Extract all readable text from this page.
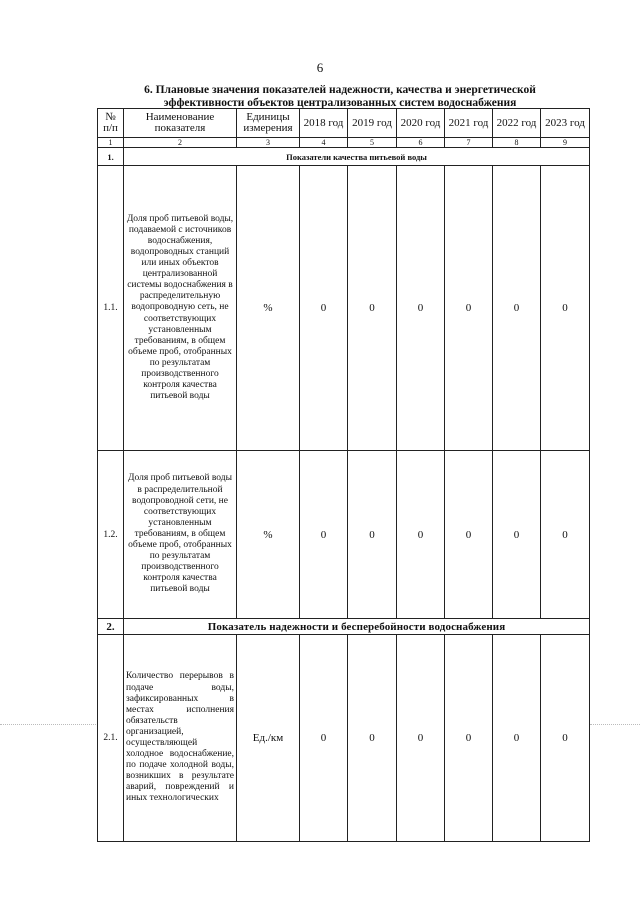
6
6. Плановые значения показателей надежности, качества и энергетической эффективности объектов централизованных систем водоснабжения
№ п/п	Наименование показателя	Единицы измерения	2018 год	2019 год	2020 год	2021 год	2022 год	2023 год
1	2	3	4	5	6	7	8	9
1.	Показатели качества питьевой воды							
1.1.	Доля проб питьевой воды, подаваемой с источников водоснабжения, водопроводных станций или иных объектов централизованной системы водоснабжения в распределительную водопроводную сеть, не соответствующих установленным требованиям, в общем объеме проб, отобранных по результатам производственного контроля качества питьевой воды	%	0	0	0	0	0	0
1.2.	Доля проб питьевой воды в распределительной водопроводной сети, не соответствующих установленным требованиям, в общем объеме проб, отобранных по результатам производственного контроля качества питьевой воды	%	0	0	0	0	0	0
2.	Показатель надежности и бесперебойности водоснабжения							
2.1.	Количество перерывов в подаче воды, зафиксированных в местах исполнения обязательств организацией, осуществляющей холодное водоснабжение, по подаче холодной воды, возникших в результате аварий, повреждений и иных технологических	Ед./км	0	0	0	0	0	0
